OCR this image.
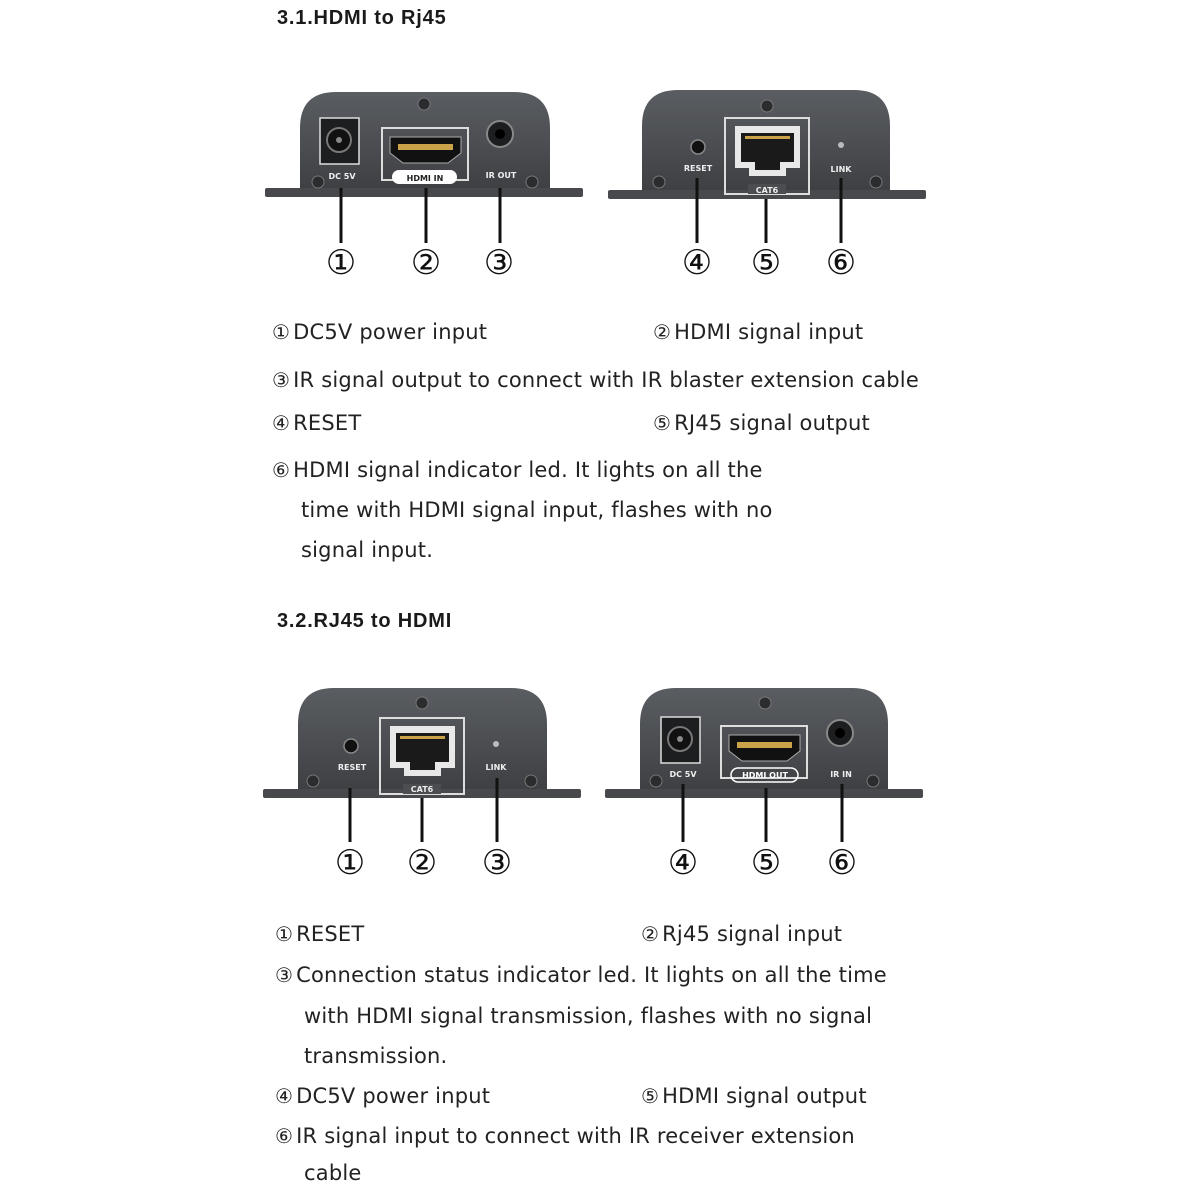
3.1.HDMI to Rj45
DC 5V	HDMI IN	IR OUT
RESET
CAT6
LINK
① ② ③	④ ⑤ ⑥
① DC5V power input	② HDMI signal input
③ IR signal output to connect with IR blaster extension cable
④ RESET	⑤ RJ45 signal output
⑥ HDMI signal indicator led. It lights on all the
time with HDMI signal input, flashes with no
signal input.
3.2.RJ45 to HDMI
RESET
CAT6
LINK
DC 5V	HDMI OUT	IR IN
① ② ③	④ ⑤ ⑥
① RESET	② Rj45 signal input
③ Connection status indicator led. It lights on all the time
with HDMI signal transmission, flashes with no signal
transmission.
④ DC5V power input	⑤ HDMI signal output
⑥ IR signal input to connect with IR receiver extension
cable
